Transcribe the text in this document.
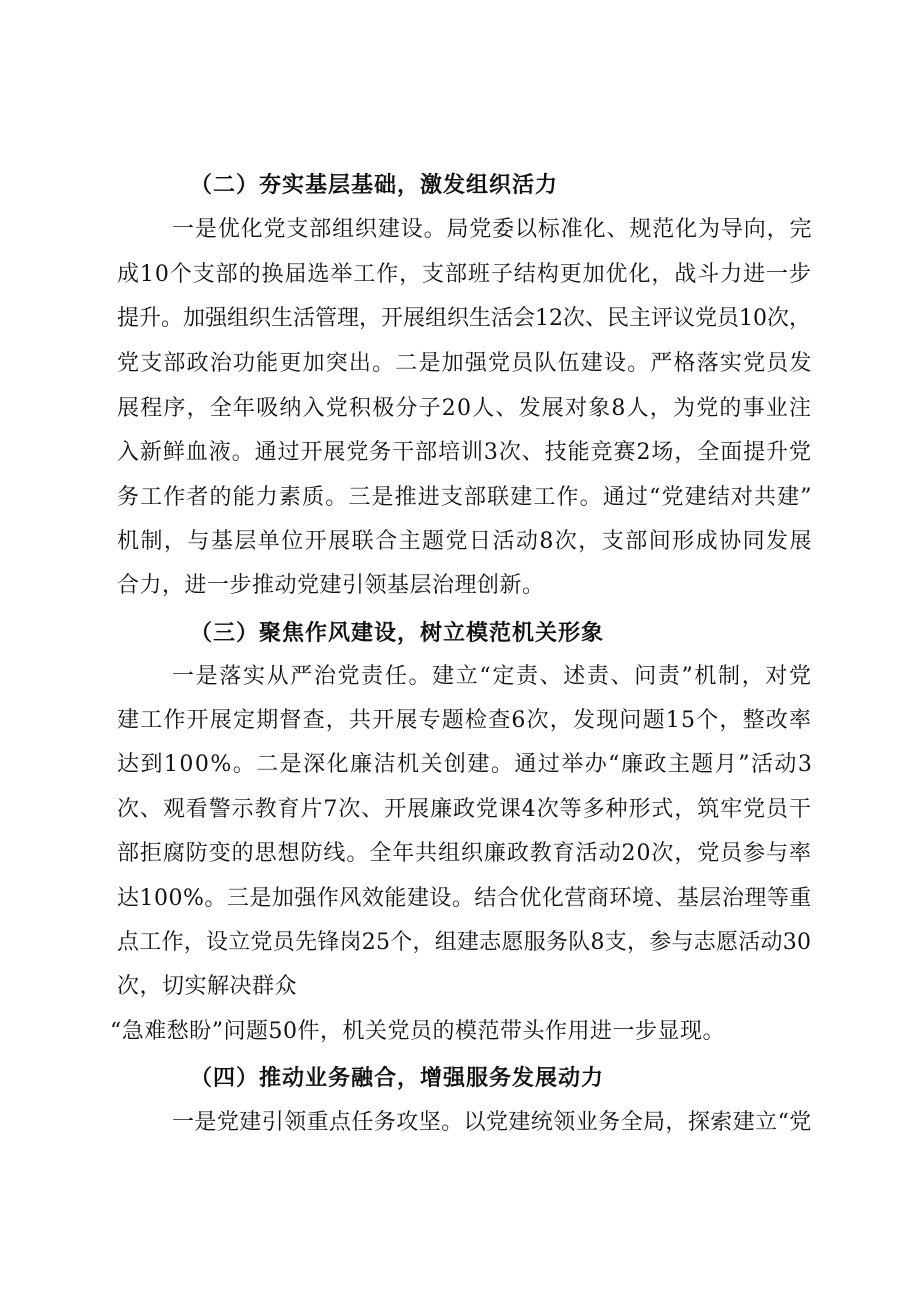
（二）夯实基层基础，激发组织活力
一是优化党支部组织建设。局党委以标准化、规范化为导向，完
成10个支部的换届选举工作，支部班子结构更加优化，战斗力进一步
提升。加强组织生活管理，开展组织生活会12次、民主评议党员10次，
党支部政治功能更加突出。二是加强党员队伍建设。严格落实党员发
展程序，全年吸纳入党积极分子20人、发展对象8人，为党的事业注
入新鲜血液。通过开展党务干部培训3次、技能竞赛2场，全面提升党
务工作者的能力素质。三是推进支部联建工作。通过“党建结对共建”
机制，与基层单位开展联合主题党日活动8次，支部间形成协同发展
合力，进一步推动党建引领基层治理创新。
（三）聚焦作风建设，树立模范机关形象
一是落实从严治党责任。建立“定责、述责、问责”机制，对党
建工作开展定期督查，共开展专题检查6次，发现问题15个，整改率
达到100%。二是深化廉洁机关创建。通过举办“廉政主题月”活动3
次、观看警示教育片7次、开展廉政党课4次等多种形式，筑牢党员干
部拒腐防变的思想防线。全年共组织廉政教育活动20次，党员参与率
达100%。三是加强作风效能建设。结合优化营商环境、基层治理等重
点工作，设立党员先锋岗25个，组建志愿服务队8支，参与志愿活动30
次，切实解决群众
“急难愁盼”问题50件，机关党员的模范带头作用进一步显现。
（四）推动业务融合，增强服务发展动力
一是党建引领重点任务攻坚。以党建统领业务全局，探索建立“党
